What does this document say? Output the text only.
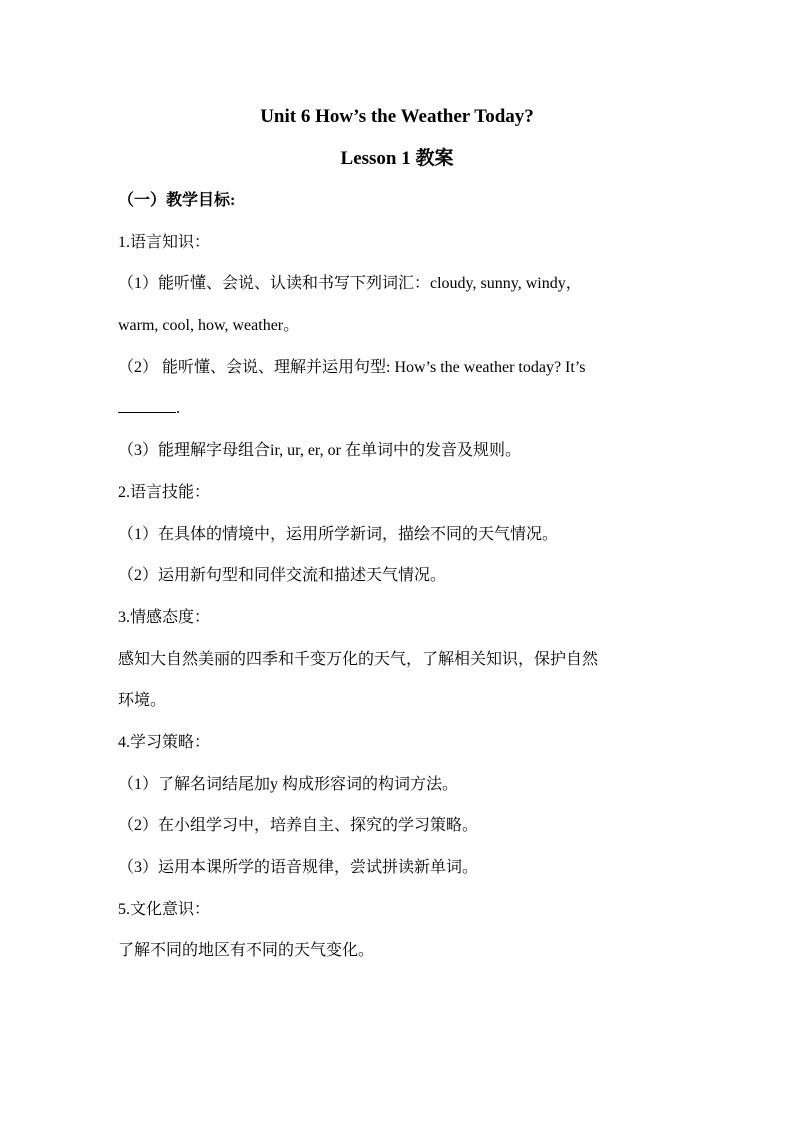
Unit 6 How’s the Weather Today?
Lesson 1 教案
（一）教学目标:
1.语言知识：
（1）能听懂、会说、认读和书写下列词汇：cloudy, sunny, windy，
warm, cool, how, weather。
（2） 能听懂、会说、理解并运用句型: How’s the weather today? It’s
.
（3）能理解字母组合ir, ur, er, or 在单词中的发音及规则。
2.语言技能：
（1）在具体的情境中，运用所学新词，描绘不同的天气情况。
（2）运用新句型和同伴交流和描述天气情况。
3.情感态度：
感知大自然美丽的四季和千变万化的天气，了解相关知识，保护自然
环境。
4.学习策略：
（1）了解名词结尾加y 构成形容词的构词方法。
（2）在小组学习中，培养自主、探究的学习策略。
（3）运用本课所学的语音规律，尝试拼读新单词。
5.文化意识：
了解不同的地区有不同的天气变化。
